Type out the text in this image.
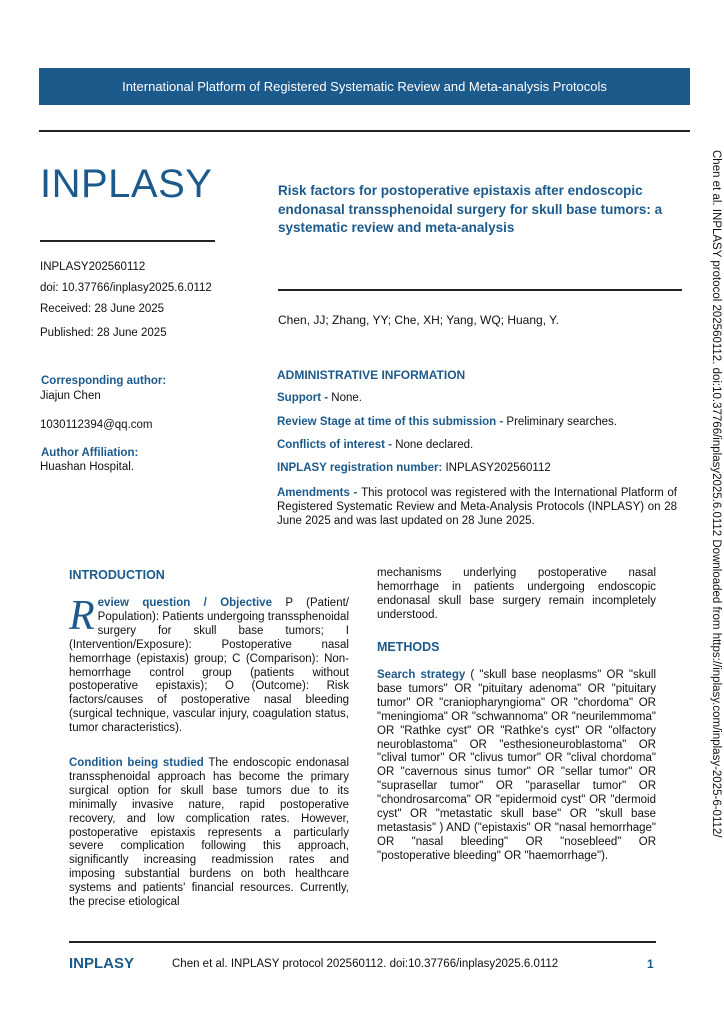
International Platform of Registered Systematic Review and Meta-analysis Protocols
INPLASY
INPLASY202560112
doi: 10.37766/inplasy2025.6.0112
Received: 28 June 2025
Published: 28 June 2025
Corresponding author:
Jiajun Chen
1030112394@qq.com
Author Affiliation:
Huashan Hospital.
Risk factors for postoperative epistaxis after endoscopic endonasal transsphenoidal surgery for skull base tumors: a systematic review and meta-analysis
Chen, JJ; Zhang, YY; Che, XH; Yang, WQ; Huang, Y.
ADMINISTRATIVE INFORMATION
Support - None.
Review Stage at time of this submission - Preliminary searches.
Conflicts of interest - None declared.
INPLASY registration number: INPLASY202560112
Amendments - This protocol was registered with the International Platform of Registered Systematic Review and Meta-Analysis Protocols (INPLASY) on 28 June 2025 and was last updated on 28 June 2025.
INTRODUCTION
Review question / Objective P (Patient/ Population): Patients undergoing transsphenoidal surgery for skull base tumors; I (Intervention/Exposure): Postoperative nasal hemorrhage (epistaxis) group; C (Comparison): Non-hemorrhage control group (patients without postoperative epistaxis); O (Outcome): Risk factors/causes of postoperative nasal bleeding (surgical technique, vascular injury, coagulation status, tumor characteristics).
Condition being studied The endoscopic endonasal transsphenoidal approach has become the primary surgical option for skull base tumors due to its minimally invasive nature, rapid postoperative recovery, and low complication rates. However, postoperative epistaxis represents a particularly severe complication following this approach, significantly increasing readmission rates and imposing substantial burdens on both healthcare systems and patients' financial resources. Currently, the precise etiological
mechanisms underlying postoperative nasal hemorrhage in patients undergoing endoscopic endonasal skull base surgery remain incompletely understood.
METHODS
Search strategy ( "skull base neoplasms" OR "skull base tumors" OR "pituitary adenoma" OR "pituitary tumor" OR "craniopharyngioma" OR "chordoma" OR "meningioma" OR "schwannoma" OR "neurilemmoma" OR "Rathke cyst" OR "Rathke's cyst" OR "olfactory neuroblastoma" OR "esthesioneuroblastoma" OR "clival tumor" OR "clivus tumor" OR "clival chordoma" OR "cavernous sinus tumor" OR "sellar tumor" OR "suprasellar tumor" OR "parasellar tumor" OR "chondrosarcoma" OR "epidermoid cyst" OR "dermoid cyst" OR "metastatic skull base" OR "skull base metastasis" ) AND ("epistaxis" OR "nasal hemorrhage" OR "nasal bleeding" OR "nosebleed" OR "postoperative bleeding" OR "haemorrhage").
Chen et al. INPLASY protocol 202560112. doi:10.37766/inplasy2025.6.0112 Downloaded from https://inplasy.com/inplasy-2025-6-0112/
INPLASY	Chen et al. INPLASY protocol 202560112. doi:10.37766/inplasy2025.6.0112	1
